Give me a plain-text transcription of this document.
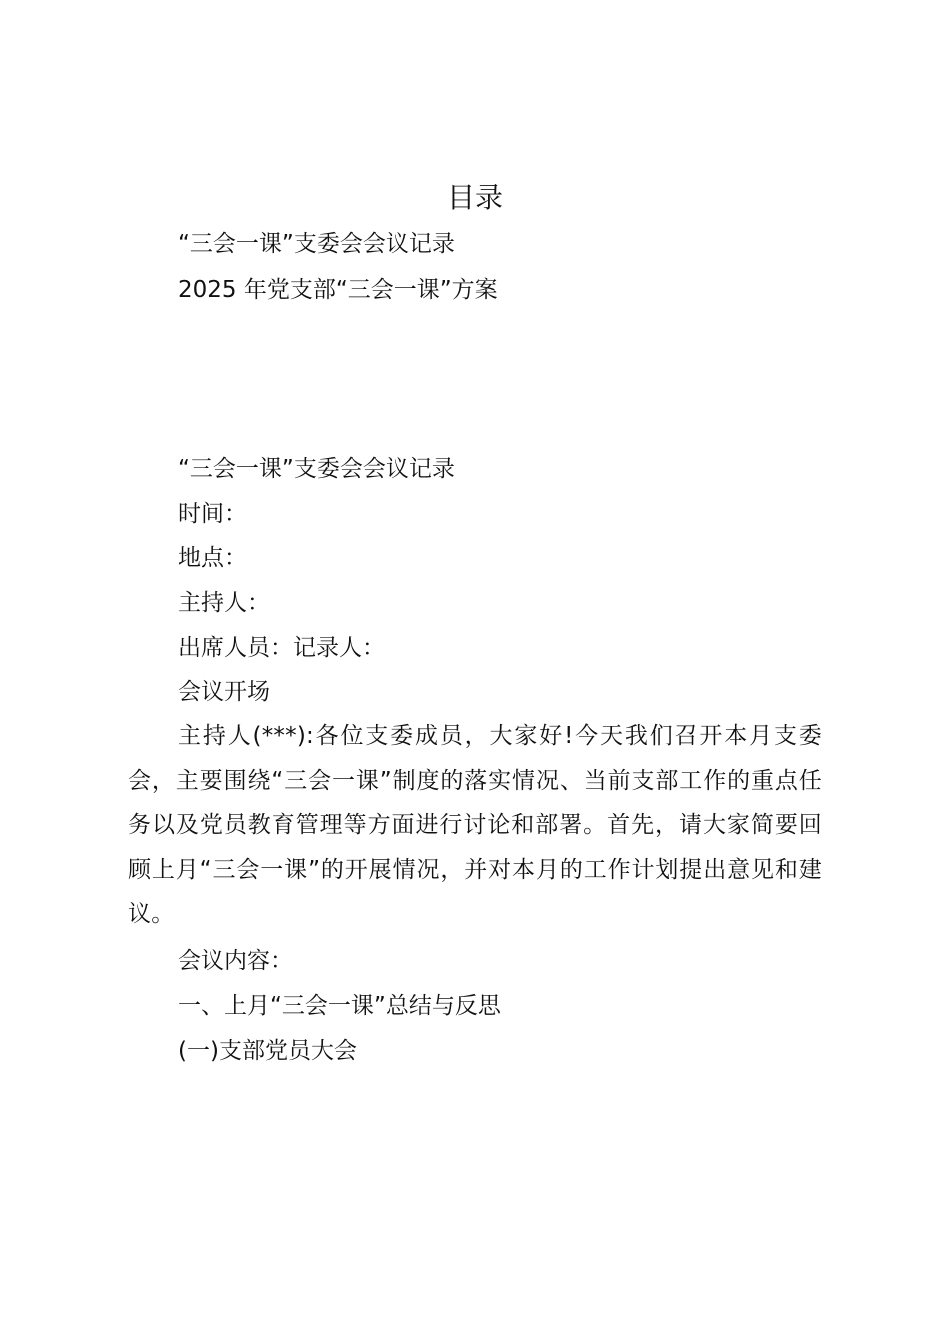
目录
“三会一课”支委会会议记录
2025 年党支部“三会一课”方案
“三会一课”支委会会议记录
时间：
地点：
主持人：
出席人员：记录人：
会议开场
主持人(***):各位支委成员，大家好!今天我们召开本月支委会，主要围绕“三会一课”制度的落实情况、当前支部工作的重点任务以及党员教育管理等方面进行讨论和部署。首先，请大家简要回顾上月“三会一课”的开展情况，并对本月的工作计划提出意见和建议。
会议内容：
一、上月“三会一课”总结与反思
(一)支部党员大会
